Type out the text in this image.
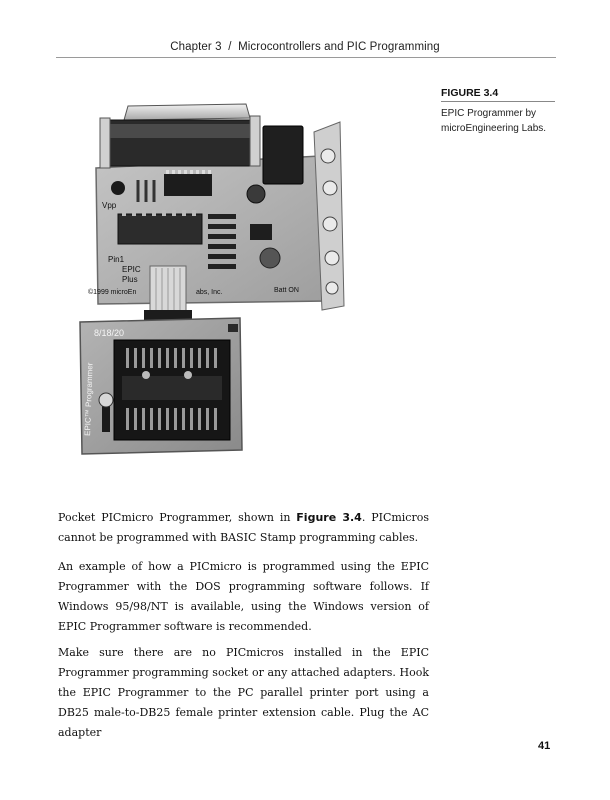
Chapter 3 / Microcontrollers and PIC Programming
FIGURE 3.4
EPIC Programmer by microEngineering Labs.
Vpp
Pin1
EPIC
Plus
©1999 microEn	abs, Inc.	Batt ON
8/18/20
EPIC™ Programmer

Pocket PICmicro Programmer, shown in Figure 3.4. PICmicros cannot be programmed with BASIC Stamp programming cables.

An example of how a PICmicro is programmed using the EPIC Programmer with the DOS programming software follows. If Windows 95/98/NT is available, using the Windows version of EPIC Programmer software is recommended.

Make sure there are no PICmicros installed in the EPIC Programmer programming socket or any attached adapters. Hook the EPIC Programmer to the PC parallel printer port using a DB25 male-to-DB25 female printer extension cable. Plug the AC adapter

41
